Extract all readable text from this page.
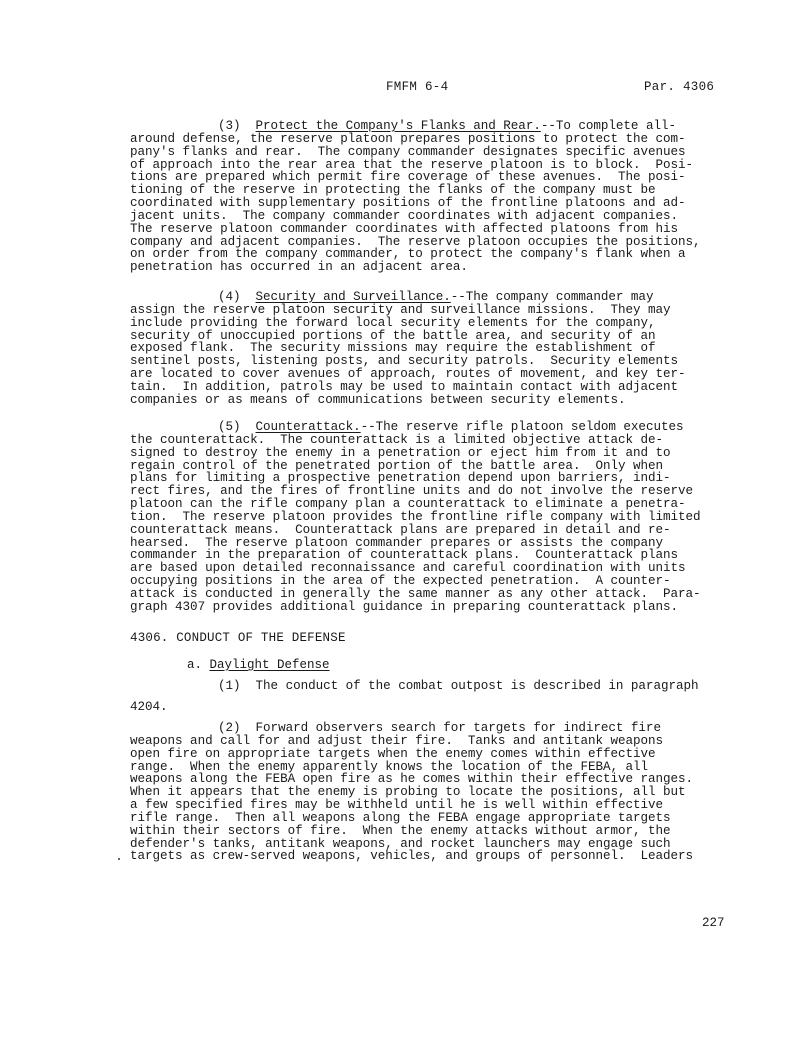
FMFM 6-4	Par. 4306
(3) Protect the Company's Flanks and Rear.--To complete all-
around defense, the reserve platoon prepares positions to protect the com-
pany's flanks and rear.  The company commander designates specific avenues
of approach into the rear area that the reserve platoon is to block.  Posi-
tions are prepared which permit fire coverage of these avenues.  The posi-
tioning of the reserve in protecting the flanks of the company must be
coordinated with supplementary positions of the frontline platoons and ad-
jacent units.  The company commander coordinates with adjacent companies.
The reserve platoon commander coordinates with affected platoons from his
company and adjacent companies.  The reserve platoon occupies the positions,
on order from the company commander, to protect the company's flank when a
penetration has occurred in an adjacent area.
(4) Security and Surveillance.--The company commander may
assign the reserve platoon security and surveillance missions.  They may
include providing the forward local security elements for the company,
security of unoccupied portions of the battle area, and security of an
exposed flank.  The security missions may require the establishment of
sentinel posts, listening posts, and security patrols.  Security elements
are located to cover avenues of approach, routes of movement, and key ter-
tain.  In addition, patrols may be used to maintain contact with adjacent
companies or as means of communications between security elements.
(5) Counterattack.--The reserve rifle platoon seldom executes
the counterattack.  The counterattack is a limited objective attack de-
signed to destroy the enemy in a penetration or eject him from it and to
regain control of the penetrated portion of the battle area.  Only when
plans for limiting a prospective penetration depend upon barriers, indi-
rect fires, and the fires of frontline units and do not involve the reserve
platoon can the rifle company plan a counterattack to eliminate a penetra-
tion.  The reserve platoon provides the frontline rifle company with limited
counterattack means.  Counterattack plans are prepared in detail and re-
hearsed.  The reserve platoon commander prepares or assists the company
commander in the preparation of counterattack plans.  Counterattack plans
are based upon detailed reconnaissance and careful coordination with units
occupying positions in the area of the expected penetration.  A counter-
attack is conducted in generally the same manner as any other attack.  Para-
graph 4307 provides additional guidance in preparing counterattack plans.
4306. CONDUCT OF THE DEFENSE
a. Daylight Defense
(1) The conduct of the combat outpost is described in paragraph
4204.
(2) Forward observers search for targets for indirect fire
weapons and call for and adjust their fire.  Tanks and antitank weapons
open fire on appropriate targets when the enemy comes within effective
range.  When the enemy apparently knows the location of the FEBA, all
weapons along the FEBA open fire as he comes within their effective ranges.
When it appears that the enemy is probing to locate the positions, all but
a few specified fires may be withheld until he is well within effective
rifle range.  Then all weapons along the FEBA engage appropriate targets
within their sectors of fire.  When the enemy attacks without armor, the
defender's tanks, antitank weapons, and rocket launchers may engage such
targets as crew-served weapons, vehicles, and groups of personnel.  Leaders
227
